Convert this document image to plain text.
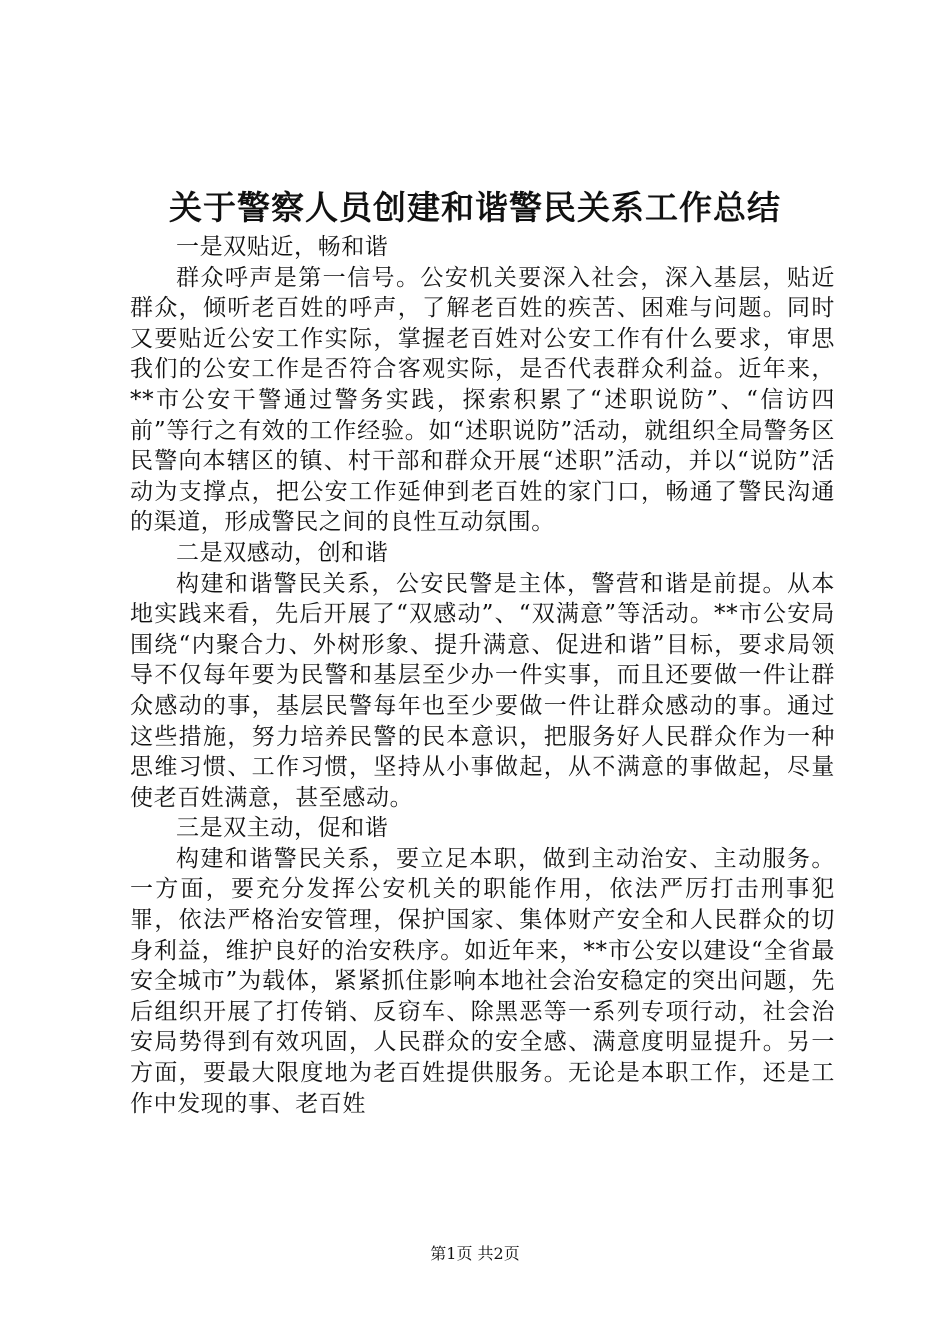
关于警察人员创建和谐警民关系工作总结

一是双贴近，畅和谐

群众呼声是第一信号。公安机关要深入社会，深入基层，贴近群众，倾听老百姓的呼声，了解老百姓的疾苦、困难与问题。同时又要贴近公安工作实际，掌握老百姓对公安工作有什么要求，审思我们的公安工作是否符合客观实际，是否代表群众利益。近年来，**市公安干警通过警务实践，探索积累了“述职说防”、“信访四前”等行之有效的工作经验。如“述职说防”活动，就组织全局警务区民警向本辖区的镇、村干部和群众开展“述职”活动，并以“说防”活动为支撑点，把公安工作延伸到老百姓的家门口，畅通了警民沟通的渠道，形成警民之间的良性互动氛围。

二是双感动，创和谐

构建和谐警民关系，公安民警是主体，警营和谐是前提。从本地实践来看，先后开展了“双感动”、“双满意”等活动。**市公安局围绕“内聚合力、外树形象、提升满意、促进和谐”目标，要求局领导不仅每年要为民警和基层至少办一件实事，而且还要做一件让群众感动的事，基层民警每年也至少要做一件让群众感动的事。通过这些措施，努力培养民警的民本意识，把服务好人民群众作为一种思维习惯、工作习惯，坚持从小事做起，从不满意的事做起，尽量使老百姓满意，甚至感动。

三是双主动，促和谐

构建和谐警民关系，要立足本职，做到主动治安、主动服务。一方面，要充分发挥公安机关的职能作用，依法严厉打击刑事犯罪，依法严格治安管理，保护国家、集体财产安全和人民群众的切身利益，维护良好的治安秩序。如近年来，**市公安以建设“全省最安全城市”为载体，紧紧抓住影响本地社会治安稳定的突出问题，先后组织开展了打传销、反窃车、除黑恶等一系列专项行动，社会治安局势得到有效巩固，人民群众的安全感、满意度明显提升。另一方面，要最大限度地为老百姓提供服务。无论是本职工作，还是工作中发现的事、老百姓

第1页 共2页
